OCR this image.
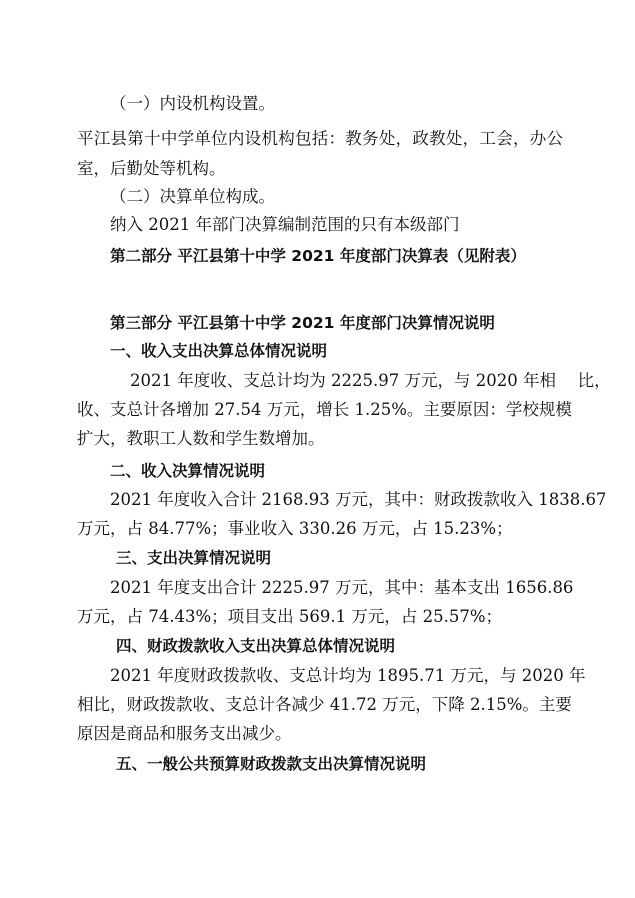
（一）内设机构设置。
平江县第十中学单位内设机构包括：教务处，政教处，工会，办公
室，后勤处等机构。
（二）决算单位构成。
纳入 2021 年部门决算编制范围的只有本级部门
第二部分 平江县第十中学 2021 年度部门决算表（见附表）
第三部分 平江县第十中学 2021 年度部门决算情况说明
一、收入支出决算总体情况说明
2021 年度收、支总计均为 2225.97 万元，与 2020 年相　 比，
收、支总计各增加 27.54 万元，增长 1.25%。主要原因：学校规模
扩大，教职工人数和学生数增加。
二、收入决算情况说明
2021 年度收入合计 2168.93 万元，其中：财政拨款收入 1838.67
万元，占 84.77%；事业收入 330.26 万元，占 15.23%；
三、支出决算情况说明
2021 年度支出合计 2225.97 万元，其中：基本支出 1656.86
万元，占 74.43%；项目支出 569.1 万元，占 25.57%；
四、财政拨款收入支出决算总体情况说明
2021 年度财政拨款收、支总计均为 1895.71 万元，与 2020 年
相比，财政拨款收、支总计各减少 41.72 万元，下降 2.15%。主要
原因是商品和服务支出减少。
五、一般公共预算财政拨款支出决算情况说明
